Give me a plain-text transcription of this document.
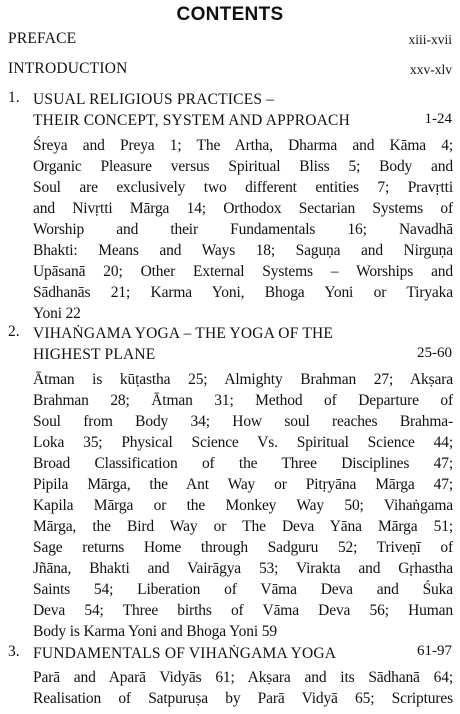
CONTENTS
PREFACE	xiii-xvii
INTRODUCTION	xxv-xlv
1. USUAL RELIGIOUS PRACTICES –
THEIR CONCEPT, SYSTEM AND APPROACH	1-24
Śreya and Preya 1; The Artha, Dharma and Kāma 4;
Organic Pleasure versus Spiritual Bliss 5; Body and
Soul are exclusively two different entities 7; Pravṛtti
and Nivṛtti Mārga 14; Orthodox Sectarian Systems of
Worship and their Fundamentals 16; Navadhā
Bhakti: Means and Ways 18; Saguṇa and Nirguṇa
Upāsanā 20; Other External Systems – Worships and
Sādhanās 21; Karma Yoni, Bhoga Yoni or Tiryaka
Yoni 22
2. VIHAṄGAMA YOGA – THE YOGA OF THE
HIGHEST PLANE	25-60
Ātman is kūṭastha 25; Almighty Brahman 27; Akṣara
Brahman 28; Ātman 31; Method of Departure of
Soul from Body 34; How soul reaches Brahma-
Loka 35; Physical Science Vs. Spiritual Science 44;
Broad Classification of the Three Disciplines 47;
Pipila Mārga, the Ant Way or Pitṛyāna Mārga 47;
Kapila Mārga or the Monkey Way 50; Vihaṅgama
Mārga, the Bird Way or The Deva Yāna Mārga 51;
Sage returns Home through Sadguru 52; Triveṇī of
Jñāna, Bhakti and Vairāgya 53; Virakta and Gṛhastha
Saints 54; Liberation of Vāma Deva and Śuka
Deva 54; Three births of Vāma Deva 56; Human
Body is Karma Yoni and Bhoga Yoni 59
3. FUNDAMENTALS OF VIHAṄGAMA YOGA	61-97
Parā and Aparā Vidyās 61; Akṣara and its Sādhanā 64;
Realisation of Satpuruṣa by Parā Vidyā 65; Scriptures
